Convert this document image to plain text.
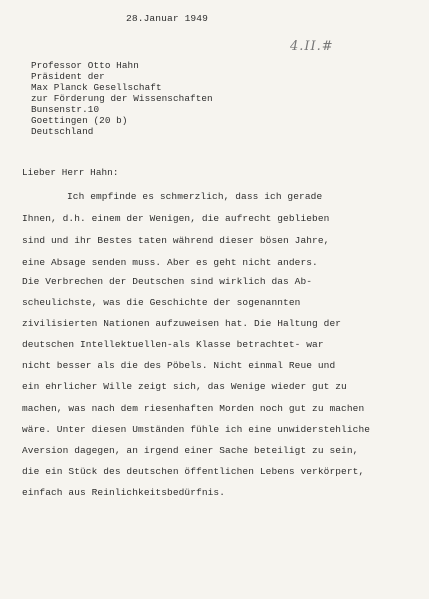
28.Januar 1949
4.II.#
Professor Otto Hahn
Präsident der
Max Planck Gesellschaft
zur Förderung der Wissenschaften
Bunsenstr.10
Goettingen (20 b)
Deutschland
Lieber Herr Hahn:
Ich empfinde es schmerzlich, dass ich gerade
Ihnen, d.h. einem der Wenigen, die aufrecht geblieben
sind und ihr Bestes taten während dieser bösen Jahre,
eine Absage senden muss. Aber es geht nicht anders.
Die Verbrechen der Deutschen sind wirklich das Ab-
scheulichste, was die Geschichte der sogenannten
zivilisierten Nationen aufzuweisen hat. Die Haltung der
deutschen Intellektuellen-als Klasse betrachtet- war
nicht besser als die des Pöbels. Nicht einmal Reue und
ein ehrlicher Wille zeigt sich, das Wenige wieder gut zu
machen, was nach dem riesenhaften Morden noch gut zu machen
wäre. Unter diesen Umständen fühle ich eine unwiderstehliche
Aversion dagegen, an irgend einer Sache beteiligt zu sein,
die ein Stück des deutschen öffentlichen Lebens verkörpert,
einfach aus Reinlichkeitsbedürfnis.
